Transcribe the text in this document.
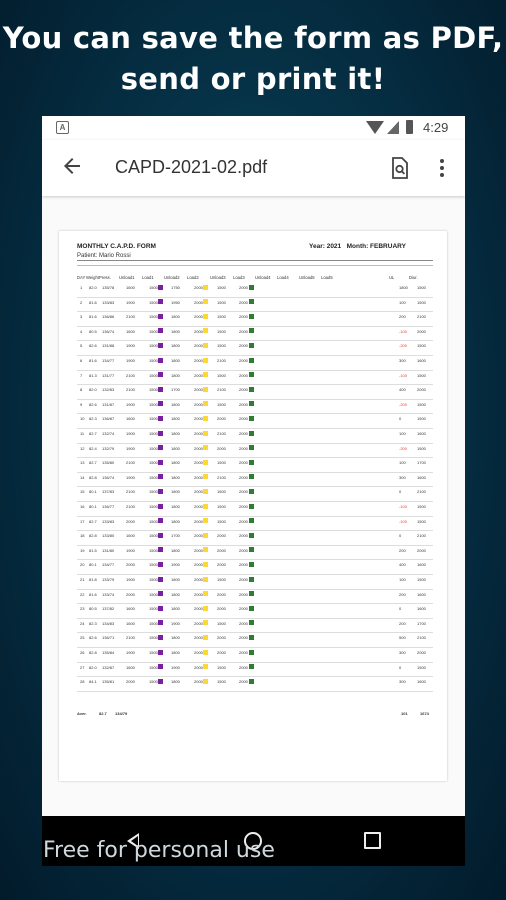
You can save the form as PDF,
send or print it!
A	4:29
CAPD-2021-02.pdf
MONTHLY C.A.P.D. FORM
Patient: Mario Rossi
Year: 2021 Month: FEBRUARY
DAY Weight Press. Unload1 Load1 Unload2 Load2	Unload3 Load3 Unload4 Load4 Unload5 Load5	UL	Diur.
1 82.0 135/78	1600	1500	1750	2000	1500	2000	1800 1500
2 81.6 133/83	1900	1500	1950	2000	1500	2000	100	1500
3 81.6 136/86	2100	1500	1800	2000	1500	2000	200	2100
4 80.5 136/74	1600	1500	1800	2000	1500	2000	-100 2000
5 82.6 131/88	1900	1500	1800	2000	1500	2000	-200 1500
6 81.6 134/77	1900	1500	1800	2000	2100	2000	300	1600
7 81.3 131/77	2100	1500	1800	2000	1500	2000	-100 1500
8 82.0 132/83	2100	1500	1700	2000	2100	2000	400	2000
9 82.6 131/87	1900	1500	1800	2000	1500	2000	-200 1500
10 82.3 136/87	1600	1500	1800	2000	2000	2000	0	1500
11 82.7 132/74	1900	1500	1800	2000	2100	2000	100	1600
12 82.4 132/79	1900	1500	1800	2000	2000	2000	-200 1500
13 82.7 135/80	2100	1500	1800	2000	1500	2000	100	1700
14 82.8 136/74	1900	1500	1800	2000	2100	2000	300	1600
15 80.1 137/83	2100	1500	1800	2000	1600	2000	0	2100
16 80.1 136/77	2100	1500	1800	2000	1500	2000	-100 1500
17 82.7 133/83	2000	1500	1800	2000	1500	2000	-100 1500
18 82.8 133/80	1600	1500	1700	2000	2000	2000	0	2100
19 81.5 131/80	1900	1500	1800	2000	2000	2000	200	2000
20 80.1 134/77	2000	1500	1900	2000	2000	2000	400	1600
21 81.8 133/79	1900	1500	1800	2000	1500	2000	100	1500
22 81.6 133/74	2000	1500	1800	2000	2000	2000	200	1600
23 80.5 137/82	1600	1500	1800	2000	2000	2000	0	1600
24 82.3 134/83	1600	1500	1900	2000	1500	2000	200	1700
25 82.6 136/71	2100	1500	1800	2000	2000	2000	500	2100
26 82.8 135/84	1900	1500	1800	2000	2000	2000	300	2000
27 82.0 132/87	1600	1500	1900	2000	1500	2000	0	1500
28 84.1 135/81	2000	1500	1800	2000	1500	2000	300	1600
Aver.	82.7 134/79	101	1674
Free for personal use
